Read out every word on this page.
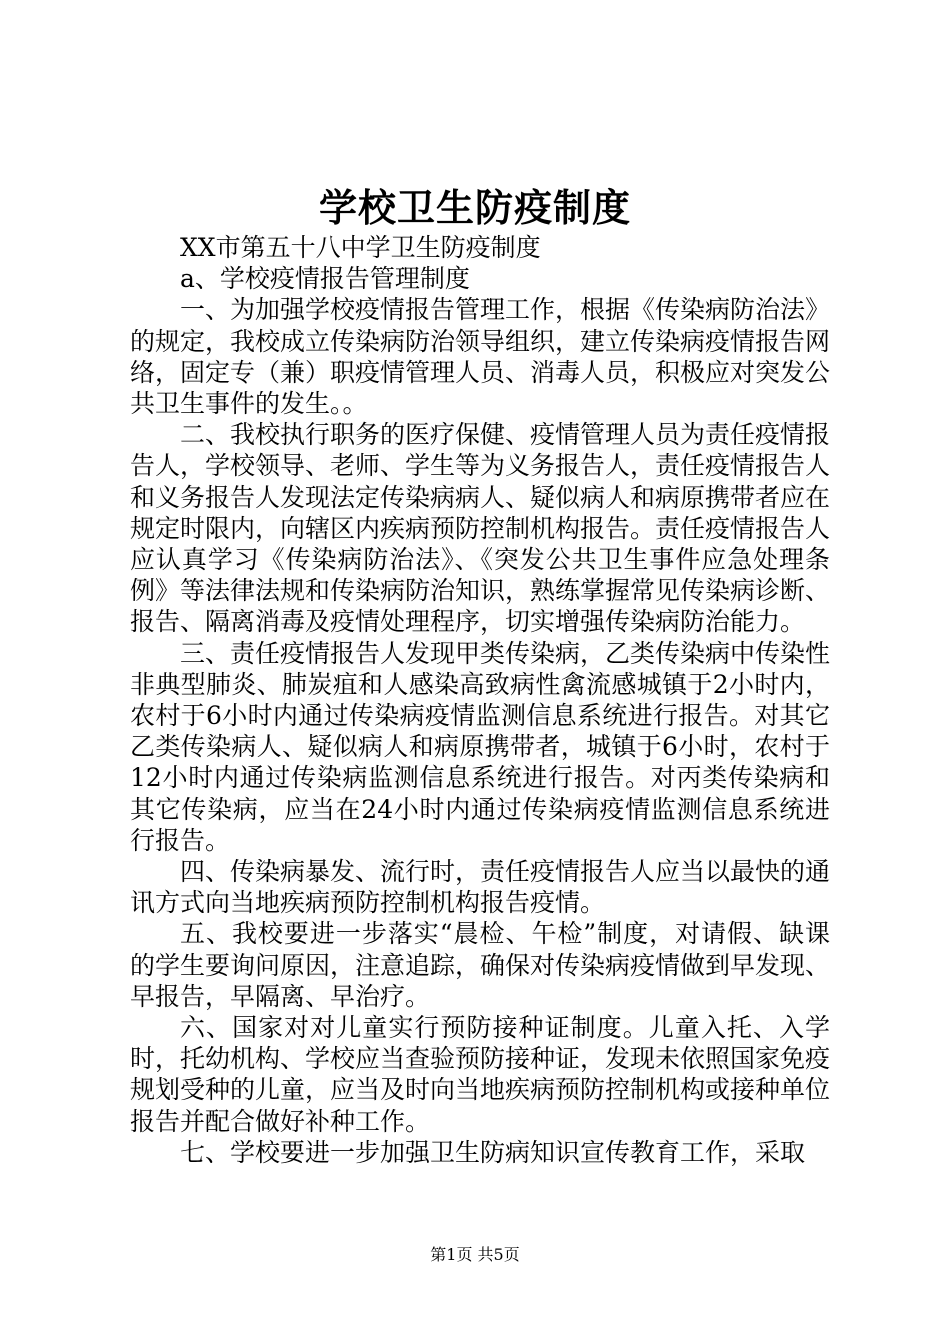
学校卫生防疫制度

XX市第五十八中学卫生防疫制度

a、学校疫情报告管理制度

一、为加强学校疫情报告管理工作，根据《传染病防治法》的规定，我校成立传染病防治领导组织，建立传染病疫情报告网络，固定专（兼）职疫情管理人员、消毒人员，积极应对突发公共卫生事件的发生。。

二、我校执行职务的医疗保健、疫情管理人员为责任疫情报告人，学校领导、老师、学生等为义务报告人，责任疫情报告人和义务报告人发现法定传染病病人、疑似病人和病原携带者应在规定时限内，向辖区内疾病预防控制机构报告。责任疫情报告人应认真学习《传染病防治法》、《突发公共卫生事件应急处理条例》等法律法规和传染病防治知识，熟练掌握常见传染病诊断、报告、隔离消毒及疫情处理程序，切实增强传染病防治能力。

三、责任疫情报告人发现甲类传染病，乙类传染病中传染性非典型肺炎、肺炭疽和人感染高致病性禽流感城镇于2小时内，农村于6小时内通过传染病疫情监测信息系统进行报告。对其它乙类传染病人、疑似病人和病原携带者，城镇于6小时，农村于12小时内通过传染病监测信息系统进行报告。对丙类传染病和其它传染病，应当在24小时内通过传染病疫情监测信息系统进行报告。

四、传染病暴发、流行时，责任疫情报告人应当以最快的通讯方式向当地疾病预防控制机构报告疫情。

五、我校要进一步落实“晨检、午检”制度，对请假、缺课的学生要询问原因，注意追踪，确保对传染病疫情做到早发现、早报告，早隔离、早治疗。

六、国家对对儿童实行预防接种证制度。儿童入托、入学时，托幼机构、学校应当查验预防接种证，发现未依照国家免疫规划受种的儿童，应当及时向当地疾病预防控制机构或接种单位报告并配合做好补种工作。

七、学校要进一步加强卫生防病知识宣传教育工作，采取

第1页 共5页
